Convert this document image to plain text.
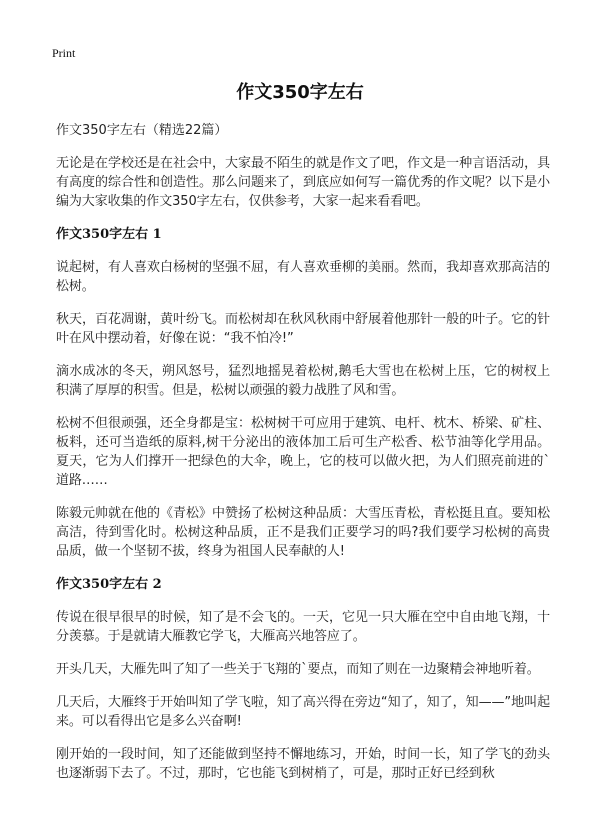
Print
作文350字左右

作文350字左右（精选22篇）

无论是在学校还是在社会中，大家最不陌生的就是作文了吧，作文是一种言语活动，具有高度的综合性和创造性。那么问题来了，到底应如何写一篇优秀的作文呢？以下是小编为大家收集的作文350字左右，仅供参考，大家一起来看看吧。

作文350字左右 1

说起树，有人喜欢白杨树的坚强不屈，有人喜欢垂柳的美丽。然而，我却喜欢那高洁的松树。

秋天，百花凋谢，黄叶纷飞。而松树却在秋风秋雨中舒展着他那针一般的叶子。它的针叶在风中摆动着，好像在说：“我不怕冷!”

滴水成冰的冬天，朔风怒号，猛烈地摇晃着松树,鹅毛大雪也在松树上压，它的树杈上积满了厚厚的积雪。但是，松树以顽强的毅力战胜了风和雪。

松树不但很顽强，还全身都是宝：松树树干可应用于建筑、电杆、枕木、桥梁、矿柱、板料，还可当造纸的原料,树干分泌出的液体加工后可生产松香、松节油等化学用品。夏天，它为人们撑开一把绿色的大伞，晚上，它的枝可以做火把，为人们照亮前进的`道路……

陈毅元帅就在他的《青松》中赞扬了松树这种品质：大雪压青松，青松挺且直。要知松高洁，待到雪化时。松树这种品质，正不是我们正要学习的吗?我们要学习松树的高贵品质，做一个坚韧不拔，终身为祖国人民奉献的人!

作文350字左右 2

传说在很早很早的时候，知了是不会飞的。一天，它见一只大雁在空中自由地飞翔，十分羡慕。于是就请大雁教它学飞，大雁高兴地答应了。

开头几天，大雁先叫了知了一些关于飞翔的`要点，而知了则在一边聚精会神地听着。

几天后，大雁终于开始叫知了学飞啦，知了高兴得在旁边“知了，知了，知——”地叫起来。可以看得出它是多么兴奋啊!

刚开始的一段时间，知了还能做到坚持不懈地练习，开始，时间一长，知了学飞的劲头也逐渐弱下去了。不过，那时，它也能飞到树梢了，可是，那时正好已经到秋
